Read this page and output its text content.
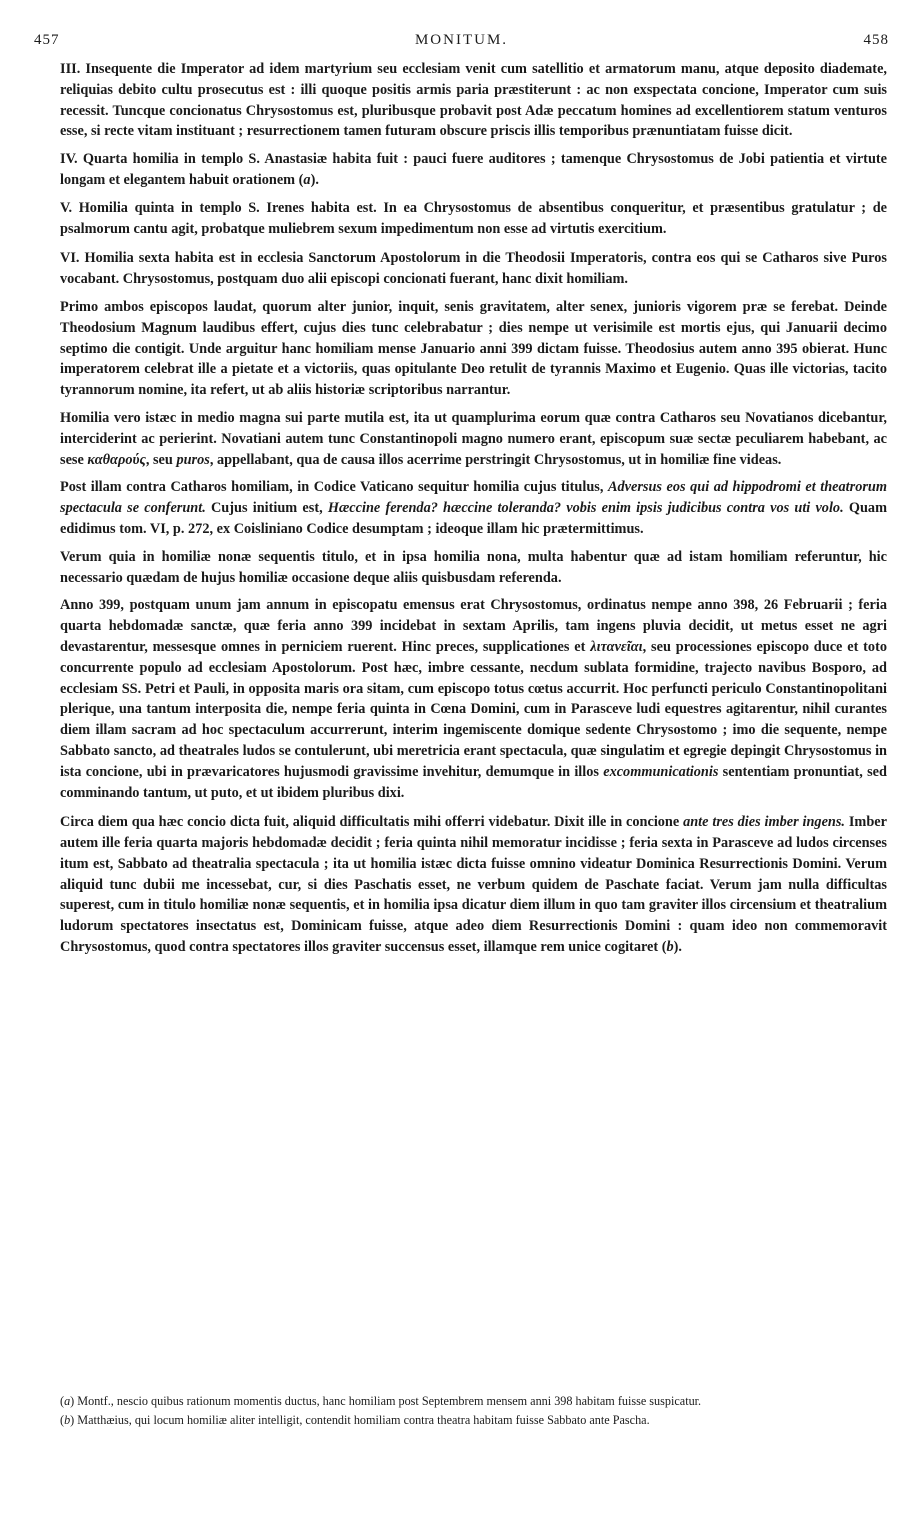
457	MONITUM.	458

III. Insequente die Imperator ad idem martyrium seu ecclesiam venit cum satellitio et armatorum manu, atque deposito diademate, reliquias debito cultu prosecutus est : illi quoque positis armis paria præstiterunt : ac non exspectata concione, Imperator cum suis recessit. Tuncque concionatus Chrysostomus est, pluribusque probavit post Adæ peccatum homines ad excellentiorem statum venturos esse, si recte vitam instituant ; resurrectionem tamen futuram obscure priscis illis temporibus prænuntiatam fuisse dicit.

IV. Quarta homilia in templo S. Anastasiæ habita fuit : pauci fuere auditores ; tamenque Chrysostomus de Jobi patientia et virtute longam et elegantem habuit orationem (a).

V. Homilia quinta in templo S. Irenes habita est. In ea Chrysostomus de absentibus conqueritur, et præsentibus gratulatur ; de psalmorum cantu agit, probatque muliebrem sexum impedimentum non esse ad virtutis exercitium.

VI. Homilia sexta habita est in ecclesia Sanctorum Apostolorum in die Theodosii Imperatoris, contra eos qui se Catharos sive Puros vocabant. Chrysostomus, postquam duo alii episcopi concionati fuerant, hanc dixit homiliam.

Primo ambos episcopos laudat, quorum alter junior, inquit, senis gravitatem, alter senex, junioris vigorem præ se ferebat. Deinde Theodosium Magnum laudibus effert, cujus dies tunc celebrabatur ; dies nempe ut verisimile est mortis ejus, qui Januarii decimo septimo die contigit. Unde arguitur hanc homiliam mense Januario anni 399 dictam fuisse. Theodosius autem anno 395 obierat. Hunc imperatorem celebrat ille a pietate et a victoriis, quas opitulante Deo retulit de tyrannis Maximo et Eugenio. Quas ille victorias, tacito tyrannorum nomine, ita refert, ut ab aliis historiæ scriptoribus narrantur.

Homilia vero istæc in medio magna sui parte mutila est, ita ut quamplurima eorum quæ contra Catharos seu Novatianos dicebantur, interciderint ac perierint. Novatiani autem tunc Constantinopoli magno numero erant, episcopum suæ sectæ peculiarem habebant, ac sese καθαρούς, seu puros, appellabant, qua de causa illos acerrime perstringit Chrysostomus, ut in homiliæ fine videas.

Post illam contra Catharos homiliam, in Codice Vaticano sequitur homilia cujus titulus, Adversus eos qui ad hippodromi et theatrorum spectacula se conferunt. Cujus initium est, Hæccine ferenda? hæccine toleranda? vobis enim ipsis judicibus contra vos uti volo. Quam edidimus tom. VI, p. 272, ex Coisliniano Codice desumptam ; ideoque illam hic prætermittimus.

Verum quia in homiliæ nonæ sequentis titulo, et in ipsa homilia nona, multa habentur quæ ad istam homiliam referuntur, hic necessario quædam de hujus homiliæ occasione deque aliis quisbusdam referenda.

Anno 399, postquam unum jam annum in episcopatu emensus erat Chrysostomus, ordinatus nempe anno 398, 26 Februarii ; feria quarta hebdomadæ sanctæ, quæ feria anno 399 incidebat in sextam Aprilis, tam ingens pluvia decidit, ut metus esset ne agri devastarentur, messesque omnes in perniciem ruerent. Hinc preces, supplicationes et λιτανεῖαι, seu processiones episcopo duce et toto concurrente populo ad ecclesiam Apostolorum. Post hæc, imbre cessante, necdum sublata formidine, trajecto navibus Bosporo, ad ecclesiam SS. Petri et Pauli, in opposita maris ora sitam, cum episcopo totus cœtus accurrit. Hoc perfuncti periculo Constantinopolitani plerique, una tantum interposita die, nempe feria quinta in Cœna Domini, cum in Parasceve ludi equestres agitarentur, nihil curantes diem illam sacram ad hoc spectaculum accurrerunt, interim ingemiscente domique sedente Chrysostomo ; imo die sequente, nempe Sabbato sancto, ad theatrales ludos se contulerunt, ubi meretricia erant spectacula, quæ singulatim et egregie depingit Chrysostomus in ista concione, ubi in prævaricatores hujusmodi gravissime invehitur, demumque in illos excommunicationis sententiam pronuntiat, sed comminando tantum, ut puto, et ut ibidem pluribus dixi.

Circa diem qua hæc concio dicta fuit, aliquid difficultatis mihi offerri videbatur. Dixit ille in concione ante tres dies imber ingens. Imber autem ille feria quarta majoris hebdomadæ decidit ; feria quinta nihil memoratur incidisse ; feria sexta in Parasceve ad ludos circenses itum est, Sabbato ad theatralia spectacula ; ita ut homilia istæc dicta fuisse omnino videatur Dominica Resurrectionis Domini. Verum aliquid tunc dubii me incessebat, cur, si dies Paschatis esset, ne verbum quidem de Paschate faciat. Verum jam nulla difficultas superest, cum in titulo homiliæ nonæ sequentis, et in homilia ipsa dicatur diem illum in quo tam graviter illos circensium et theatralium ludorum spectatores insectatus est, Dominicam fuisse, atque adeo diem Resurrectionis Domini : quam ideo non commemoravit Chrysostomus, quod contra spectatores illos graviter succensus esset, illamque rem unice cogitaret (b).

(a) Montf., nescio quibus rationum momentis ductus, hanc homiliam post Septembrem mensem anni 398 habitam fuisse suspicatur.

(b) Matthæius, qui locum homiliæ aliter intelligit, contendit homiliam contra theatra habitam fuisse Sabbato ante Pascha.
